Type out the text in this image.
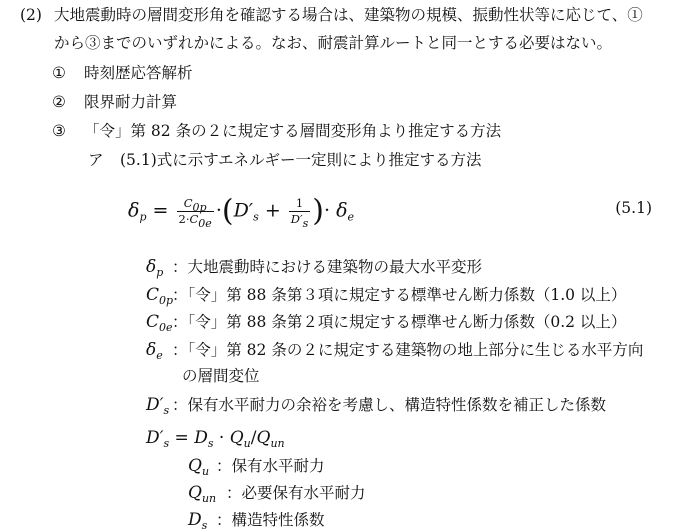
(2) 大地震動時の層間変形角を確認する場合は、建築物の規模、振動性状等に応じて、①
から③までのいずれかによる。なお、耐震計算ルートと同一とする必要はない。
① 時刻歴応答解析
② 限界耐力計算
③ 「令」第 82 条の２に規定する層間変形角より推定する方法
ア (5.1)式に示すエネルギー一定則により推定する方法
$\delta_p = \frac{C_{0p}}{2\cdot C_{0e}} \cdot(D'_s + \frac{1}{D'_s}$ )· $\delta_e$	(5.1)
$\delta_p$ ：大地震動時における建築物の最大水平変形
$C_{0p}$
：「令」第 88 条第３項に規定する標準せん断力係数（1.0 以上）
$C_{0e}$ ：「令」第 88 条第２項に規定する標準せん断力係数（0.2 以上）
$\delta_e$ ：「令」第 82 条の２に規定する建築物の地上部分に生じる水平方向
の層間変位
$D'_s$ ：保有水平耐力の余裕を考慮し、構造特性係数を補正した係数
$D'_s = D_s \cdot Q_u/Q_{un}$
$Q_u$ ：保有水平耐力
$Q_{un}$ ：必要保有水平耐力
$D_s$ ：構造特性係数
